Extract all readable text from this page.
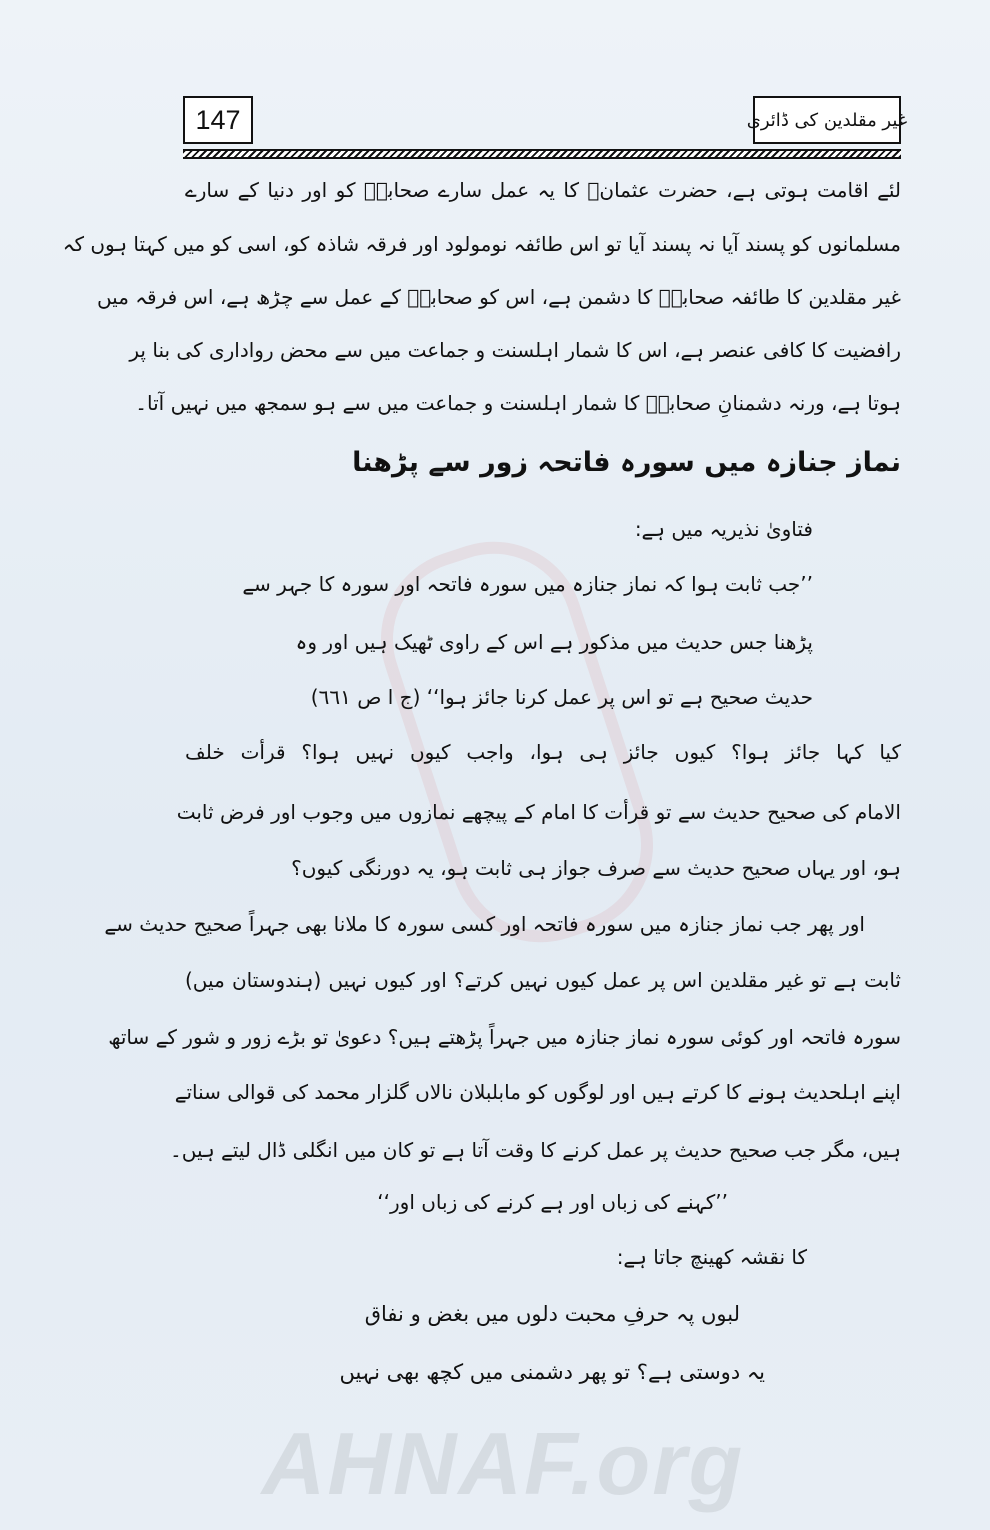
AHNAF.org
147	غیر مقلدین کی ڈائری
لئے اقامت ہوتی ہے، حضرت عثمانؓ کا یہ عمل سارے صحابہؓ کو اور دنیا کے سارے
مسلمانوں کو پسند آیا نہ پسند آیا تو اس طائفہ نومولود اور فرقہ شاذہ کو، اسی کو میں کہتا ہوں کہ
غیر مقلدین کا طائفہ صحابہؓ کا دشمن ہے، اس کو صحابہؓ کے عمل سے چڑھ ہے، اس فرقہ میں
رافضیت کا کافی عنصر ہے، اس کا شمار اہلسنت و جماعت میں سے محض رواداری کی بنا پر
ہوتا ہے، ورنہ دشمنانِ صحابہؓ کا شمار اہلسنت و جماعت میں سے ہو سمجھ میں نہیں آتا۔
نماز جنازہ میں سورہ فاتحہ زور سے پڑھنا
فتاویٰ نذیریہ میں ہے:
’’جب ثابت ہوا کہ نماز جنازہ میں سورہ فاتحہ اور سورہ کا جہر سے
پڑھنا جس حدیث میں مذکور ہے اس کے راوی ٹھیک ہیں اور وہ
حدیث صحیح ہے تو اس پر عمل کرنا جائز ہوا‘‘ (ج ا ص ٦٦١)
کیا کہا جائز ہوا؟ کیوں جائز ہی ہوا، واجب کیوں نہیں ہوا؟ قرأت خلف
الامام کی صحیح حدیث سے تو قرأت کا امام کے پیچھے نمازوں میں وجوب اور فرض ثابت
ہو، اور یہاں صحیح حدیث سے صرف جواز ہی ثابت ہو، یہ دورنگی کیوں؟
اور پھر جب نماز جنازہ میں سورہ فاتحہ اور کسی سورہ کا ملانا بھی جہراً صحیح حدیث سے
ثابت ہے تو غیر مقلدین اس پر عمل کیوں نہیں کرتے؟ اور کیوں نہیں (ہندوستان میں)
سورہ فاتحہ اور کوئی سورہ نماز جنازہ میں جہراً پڑھتے ہیں؟ دعویٰ تو بڑے زور و شور کے ساتھ
اپنے اہلحدیث ہونے کا کرتے ہیں اور لوگوں کو مابلبلان نالاں گلزار محمد کی قوالی سناتے
ہیں، مگر جب صحیح حدیث پر عمل کرنے کا وقت آتا ہے تو کان میں انگلی ڈال لیتے ہیں۔
’’کہنے کی زباں اور ہے کرنے کی زباں اور‘‘
کا نقشہ کھینچ جاتا ہے:
لبوں پہ حرفِ محبت دلوں میں بغض و نفاق
یہ دوستی ہے؟ تو پھر دشمنی میں کچھ بھی نہیں
